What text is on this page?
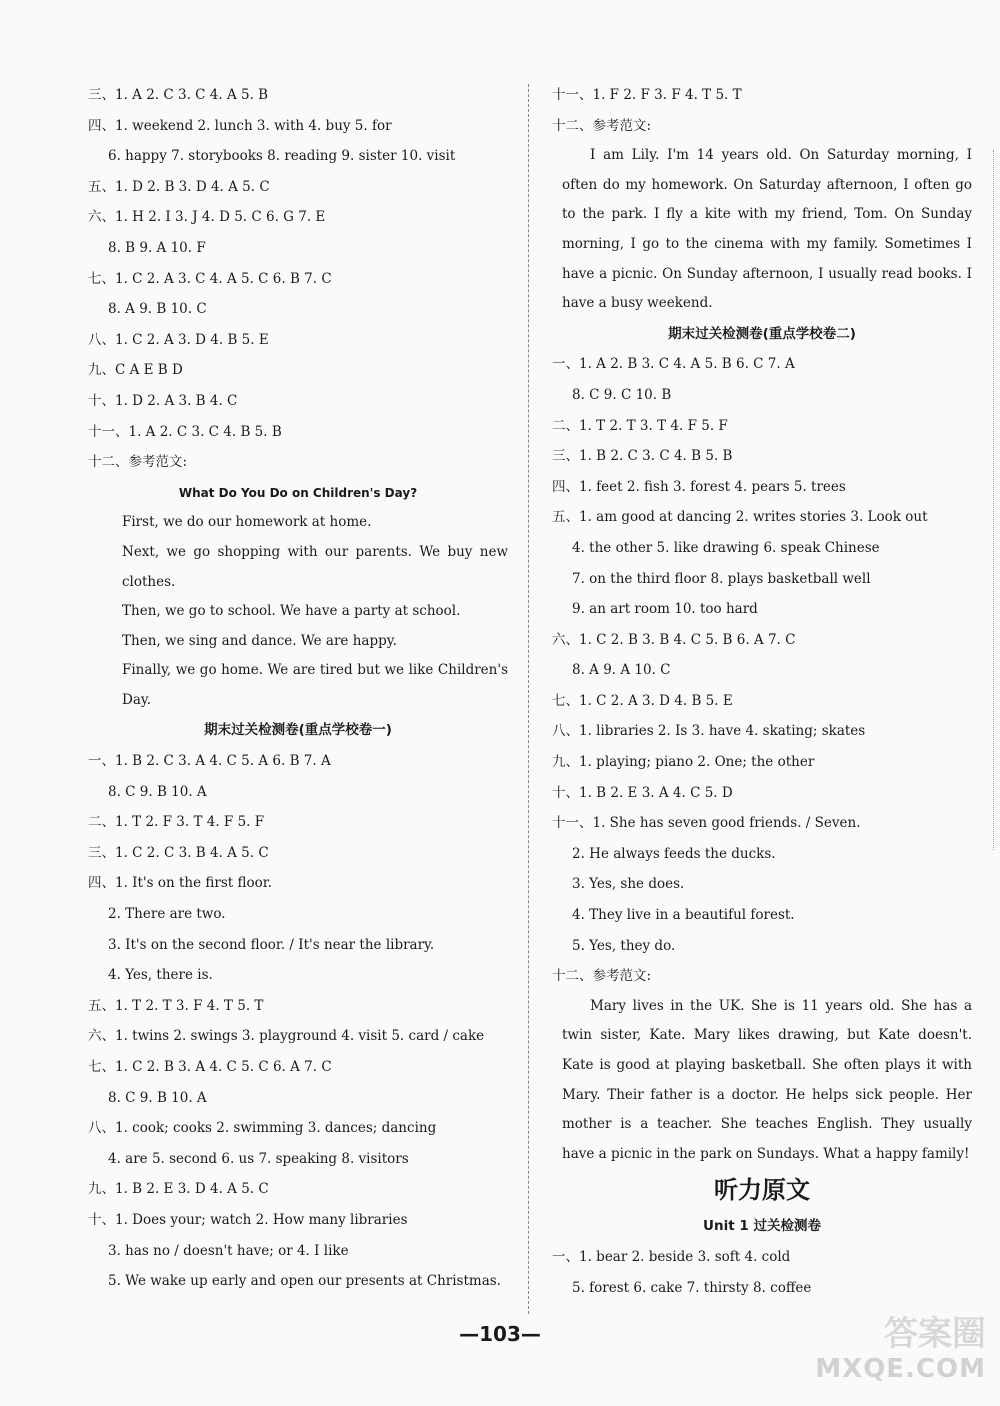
三、1. A 2. C 3. C 4. A 5. B
四、1. weekend 2. lunch 3. with 4. buy 5. for
6. happy 7. storybooks 8. reading 9. sister 10. visit
五、1. D 2. B 3. D 4. A 5. C
六、1. H 2. I 3. J 4. D 5. C 6. G 7. E
8. B 9. A 10. F
七、1. C 2. A 3. C 4. A 5. C 6. B 7. C
8. A 9. B 10. C
八、1. C 2. A 3. D 4. B 5. E
九、C A E B D
十、1. D 2. A 3. B 4. C
十一、1. A 2. C 3. C 4. B 5. B
十二、参考范文:
What Do You Do on Children's Day?

First, we do our homework at home.

Next, we go shopping with our parents. We buy new clothes.

Then, we go to school. We have a party at school.

Then, we sing and dance. We are happy.

Finally, we go home. We are tired but we like Children's Day.

期末过关检测卷(重点学校卷一)
一、1. B 2. C 3. A 4. C 5. A 6. B 7. A
8. C 9. B 10. A
二、1. T 2. F 3. T 4. F 5. F
三、1. C 2. C 3. B 4. A 5. C
四、1. It's on the first floor.
2. There are two.
3. It's on the second floor. / It's near the library.
4. Yes, there is.
五、1. T 2. T 3. F 4. T 5. T
六、1. twins 2. swings 3. playground 4. visit 5. card / cake
七、1. C 2. B 3. A 4. C 5. C 6. A 7. C
8. C 9. B 10. A
八、1. cook; cooks 2. swimming 3. dances; dancing
4. are 5. second 6. us 7. speaking 8. visitors
九、1. B 2. E 3. D 4. A 5. C
十、1. Does your; watch 2. How many libraries
3. has no / doesn't have; or 4. I like
5. We wake up early and open our presents at Christmas.
十一、1. F 2. F 3. F 4. T 5. T
十二、参考范文:

I am Lily. I'm 14 years old. On Saturday morning, I often do my homework. On Saturday afternoon, I often go to the park. I fly a kite with my friend, Tom. On Sunday morning, I go to the cinema with my family. Sometimes I have a picnic. On Sunday afternoon, I usually read books. I have a busy weekend.

期末过关检测卷(重点学校卷二)
一、1. A 2. B 3. C 4. A 5. B 6. C 7. A
8. C 9. C 10. B
二、1. T 2. T 3. T 4. F 5. F
三、1. B 2. C 3. C 4. B 5. B
四、1. feet 2. fish 3. forest 4. pears 5. trees
五、1. am good at dancing 2. writes stories 3. Look out
4. the other 5. like drawing 6. speak Chinese
7. on the third floor 8. plays basketball well
9. an art room 10. too hard
六、1. C 2. B 3. B 4. C 5. B 6. A 7. C
8. A 9. A 10. C
七、1. C 2. A 3. D 4. B 5. E
八、1. libraries 2. Is 3. have 4. skating; skates
九、1. playing; piano 2. One; the other
十、1. B 2. E 3. A 4. C 5. D
十一、1. She has seven good friends. / Seven.
2. He always feeds the ducks.
3. Yes, she does.
4. They live in a beautiful forest.
5. Yes, they do.
十二、参考范文:

Mary lives in the UK. She is 11 years old. She has a twin sister, Kate. Mary likes drawing, but Kate doesn't. Kate is good at playing basketball. She often plays it with Mary. Their father is a doctor. He helps sick people. Her mother is a teacher. She teaches English. They usually have a picnic in the park on Sundays. What a happy family!

听力原文
Unit 1 过关检测卷
一、1. bear 2. beside 3. soft 4. cold
5. forest 6. cake 7. thirsty 8. coffee
—103—	答案圈
MXQE.COM
